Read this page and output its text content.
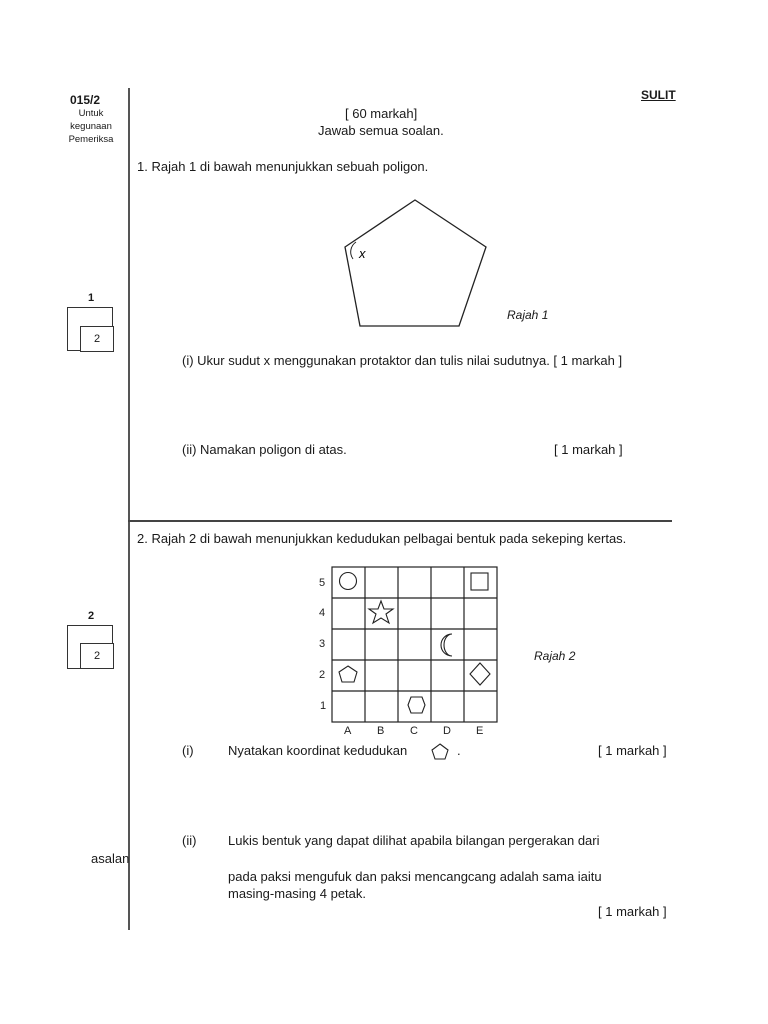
015/2
Untuk
kegunaan
Pemeriksa
SULIT
[ 60 markah]
Jawab semua soalan.
1. Rajah 1 di bawah menunjukkan sebuah poligon.
x
Rajah 1
1
2
(i) Ukur sudut x menggunakan protaktor dan tulis nilai sudutnya. [ 1 markah ]
(ii) Namakan poligon di atas.	[ 1 markah ]
2. Rajah 2 di bawah menunjukkan kedudukan pelbagai bentuk pada sekeping kertas.
5
4
3
2
1
A B C D E
Rajah 2
2
2
(i)	Nyatakan koordinat kedudukan	.	[ 1 markah ]
(ii) Lukis bentuk yang dapat dilihat apabila bilangan pergerakan dari
asalan
pada paksi mengufuk dan paksi mencangcang adalah sama iaitu
masing-masing 4 petak.
[ 1 markah ]
